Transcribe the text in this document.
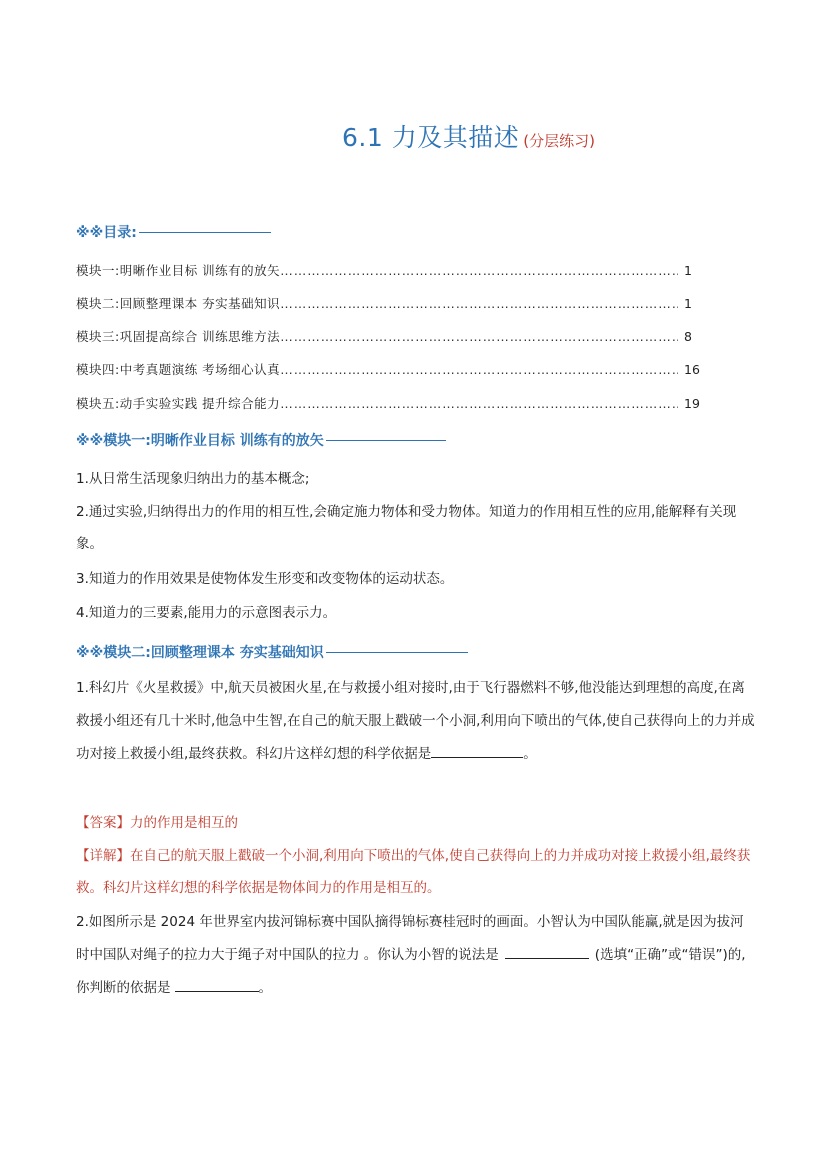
6.1 力及其描述 (分层练习)
※※目录:
模块一:明晰作业目标 训练有的放矢 …………………………………………………………………………………………………………	1
模块二:回顾整理课本 夯实基础知识 …………………………………………………………………………………………………………	1
模块三:巩固提高综合 训练思维方法 …………………………………………………………………………………………………………	8
模块四:中考真题演练 考场细心认真 …………………………………………………………………………………………………………	16
模块五:动手实验实践 提升综合能力 …………………………………………………………………………………………………………	19
※※模块一:明晰作业目标 训练有的放矢
1.从日常生活现象归纳出力的基本概念;
2.通过实验,归纳得出力的作用的相互性,会确定施力物体和受力物体。知道力的作用相互性的应用,能解释有关现象。
3.知道力的作用效果是使物体发生形变和改变物体的运动状态。
4.知道力的三要素,能用力的示意图表示力。
※※模块二:回顾整理课本 夯实基础知识
1.科幻片《火星救援》中,航天员被困火星,在与救援小组对接时,由于飞行器燃料不够,他没能达到理想的高度,在离救援小组还有几十米时,他急中生智,在自己的航天服上戳破一个小洞,利用向下喷出的气体,使自己获得向上的力并成功对接上救援小组,最终获救。科幻片这样幻想的科学依据是	。
【答案】力的作用是相互的
【详解】在自己的航天服上戳破一个小洞,利用向下喷出的气体,使自己获得向上的力并成功对接上救援小组,最终获救。科幻片这样幻想的科学依据是物体间力的作用是相互的。
2.如图所示是 2024 年世界室内拔河锦标赛中国队摘得锦标赛桂冠时的画面。小智认为中国队能赢,就是因为拔河时中国队对绳子的拉力大于绳子对中国队的拉力 。你认为小智的说法是	(选填“正确”或“错误”)的,你判断的依据是	。
